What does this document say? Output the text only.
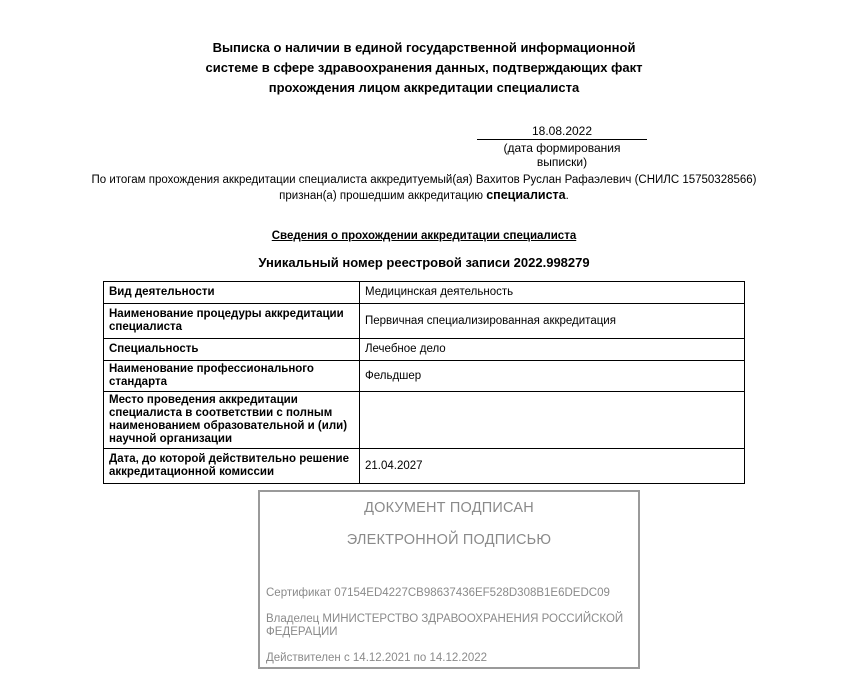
Выписка о наличии в единой государственной информационной
системе в сфере здравоохранения данных, подтверждающих факт
прохождения лицом аккредитации специалиста
18.08.2022
(дата формирования выписки)
По итогам прохождения аккредитации специалиста аккредитуемый(ая) Вахитов Руслан Рафаэлевич (СНИЛС 15750328566)
признан(а) прошедшим аккредитацию специалиста.
Сведения о прохождении аккредитации специалиста
Уникальный номер реестровой записи 2022.998279
Вид деятельности	Медицинская деятельность
Наименование процедуры аккредитации специалиста	Первичная специализированная аккредитация
Специальность	Лечебное дело
Наименование профессионального стандарта	Фельдшер
Место проведения аккредитации специалиста в соответствии с полным наименованием образовательной и (или) научной организации	
Дата, до которой действительно решение аккредитационной комиссии	21.04.2027
ДОКУМЕНТ ПОДПИСАН
ЭЛЕКТРОННОЙ ПОДПИСЬЮ
Сертификат 07154ED4227CB98637436EF528D308B1E6DEDC09
Владелец МИНИСТЕРСТВО ЗДРАВООХРАНЕНИЯ РОССИЙСКОЙ ФЕДЕРАЦИИ
Действителен с 14.12.2021 по 14.12.2022
